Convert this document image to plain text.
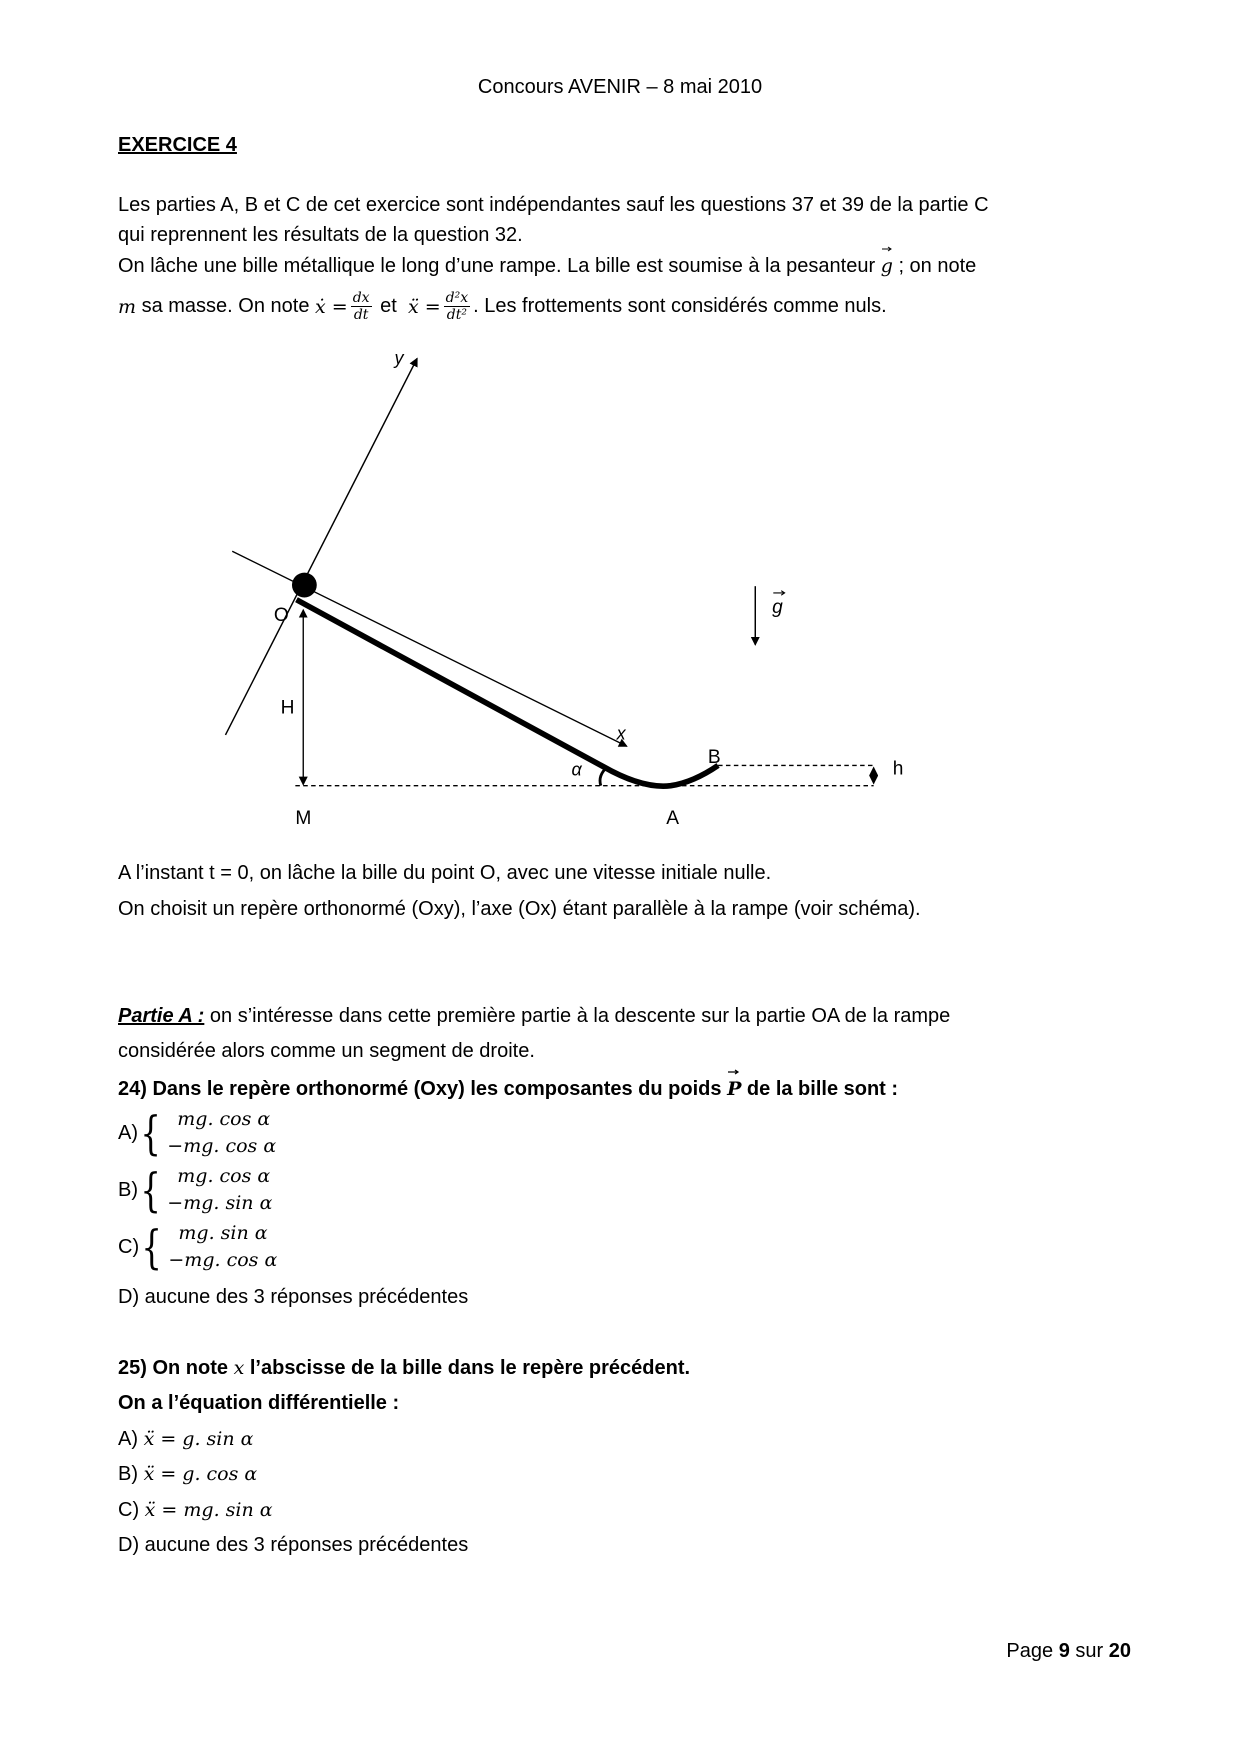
Concours AVENIR – 8 mai 2010
EXERCICE 4
Les parties A, B et C de cet exercice sont indépendantes sauf les questions 37 et 39 de la partie C
qui reprennent les résultats de la question 32.
On lâche une bille métallique le long d’une rampe. La bille est soumise à la pesanteur g ; on note
m
sa masse. On note
ẋ = $\frac{dx}{dt}$
et
ẍ = $\frac{\text{d²x}}{\text{dt²}}$ . Les frottements sont considérés comme nuls.
O
H
M	A
B
h
x
y
α
g
A l’instant t = 0, on lâche la bille du point O, avec une vitesse initiale nulle.
On choisit un repère orthonormé (Oxy), l’axe (Ox) étant parallèle à la rampe (voir schéma).
Partie A : on s’intéresse dans cette première partie à la descente sur la partie OA de la rampe
considérée alors comme un segment de droite.
24) Dans le repère orthonormé (Oxy) les composantes du poids P de la bille sont :
A) { mg. cos α
−mg. cos α
B) { mg. cos α
−mg. sin α
C) { mg. sin α
−mg. cos α
D) aucune des 3 réponses précédentes
25) On note x l’abscisse de la bille dans le repère précédent.
On a l’équation différentielle :
A) ẍ = g. sin α
B) ẍ = g. cos α
C) ẍ = mg. sin α
D) aucune des 3 réponses précédentes
Page 9 sur 20
